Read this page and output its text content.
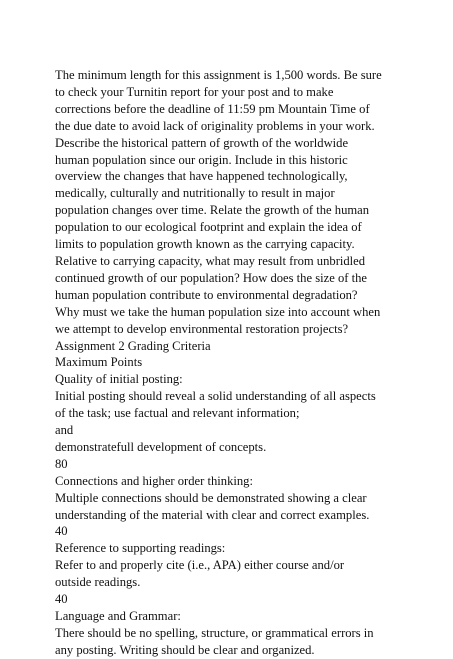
The minimum length for this assignment is 1,500 words. Be sure
to check your Turnitin report for your post and to make
corrections before the deadline of 11:59 pm Mountain Time of
the due date to avoid lack of originality problems in your work.
Describe the historical pattern of growth of the worldwide
human population since our origin. Include in this historic
overview the changes that have happened technologically,
medically, culturally and nutritionally to result in major
population changes over time. Relate the growth of the human
population to our ecological footprint and explain the idea of
limits to population growth known as the carrying capacity.
Relative to carrying capacity, what may result from unbridled
continued growth of our population? How does the size of the
human population contribute to environmental degradation?
Why must we take the human population size into account when
we attempt to develop environmental restoration projects?
Assignment 2 Grading Criteria
Maximum Points
Quality of initial posting:
Initial posting should reveal a solid understanding of all aspects
of the task; use factual and relevant information;
and
demonstratefull development of concepts.
80
Connections and higher order thinking:
Multiple connections should be demonstrated showing a clear
understanding of the material with clear and correct examples.
40
Reference to supporting readings:
Refer to and properly cite (i.e., APA) either course and/or
outside readings.
40
Language and Grammar:
There should be no spelling, structure, or grammatical errors in
any posting. Writing should be clear and organized.
